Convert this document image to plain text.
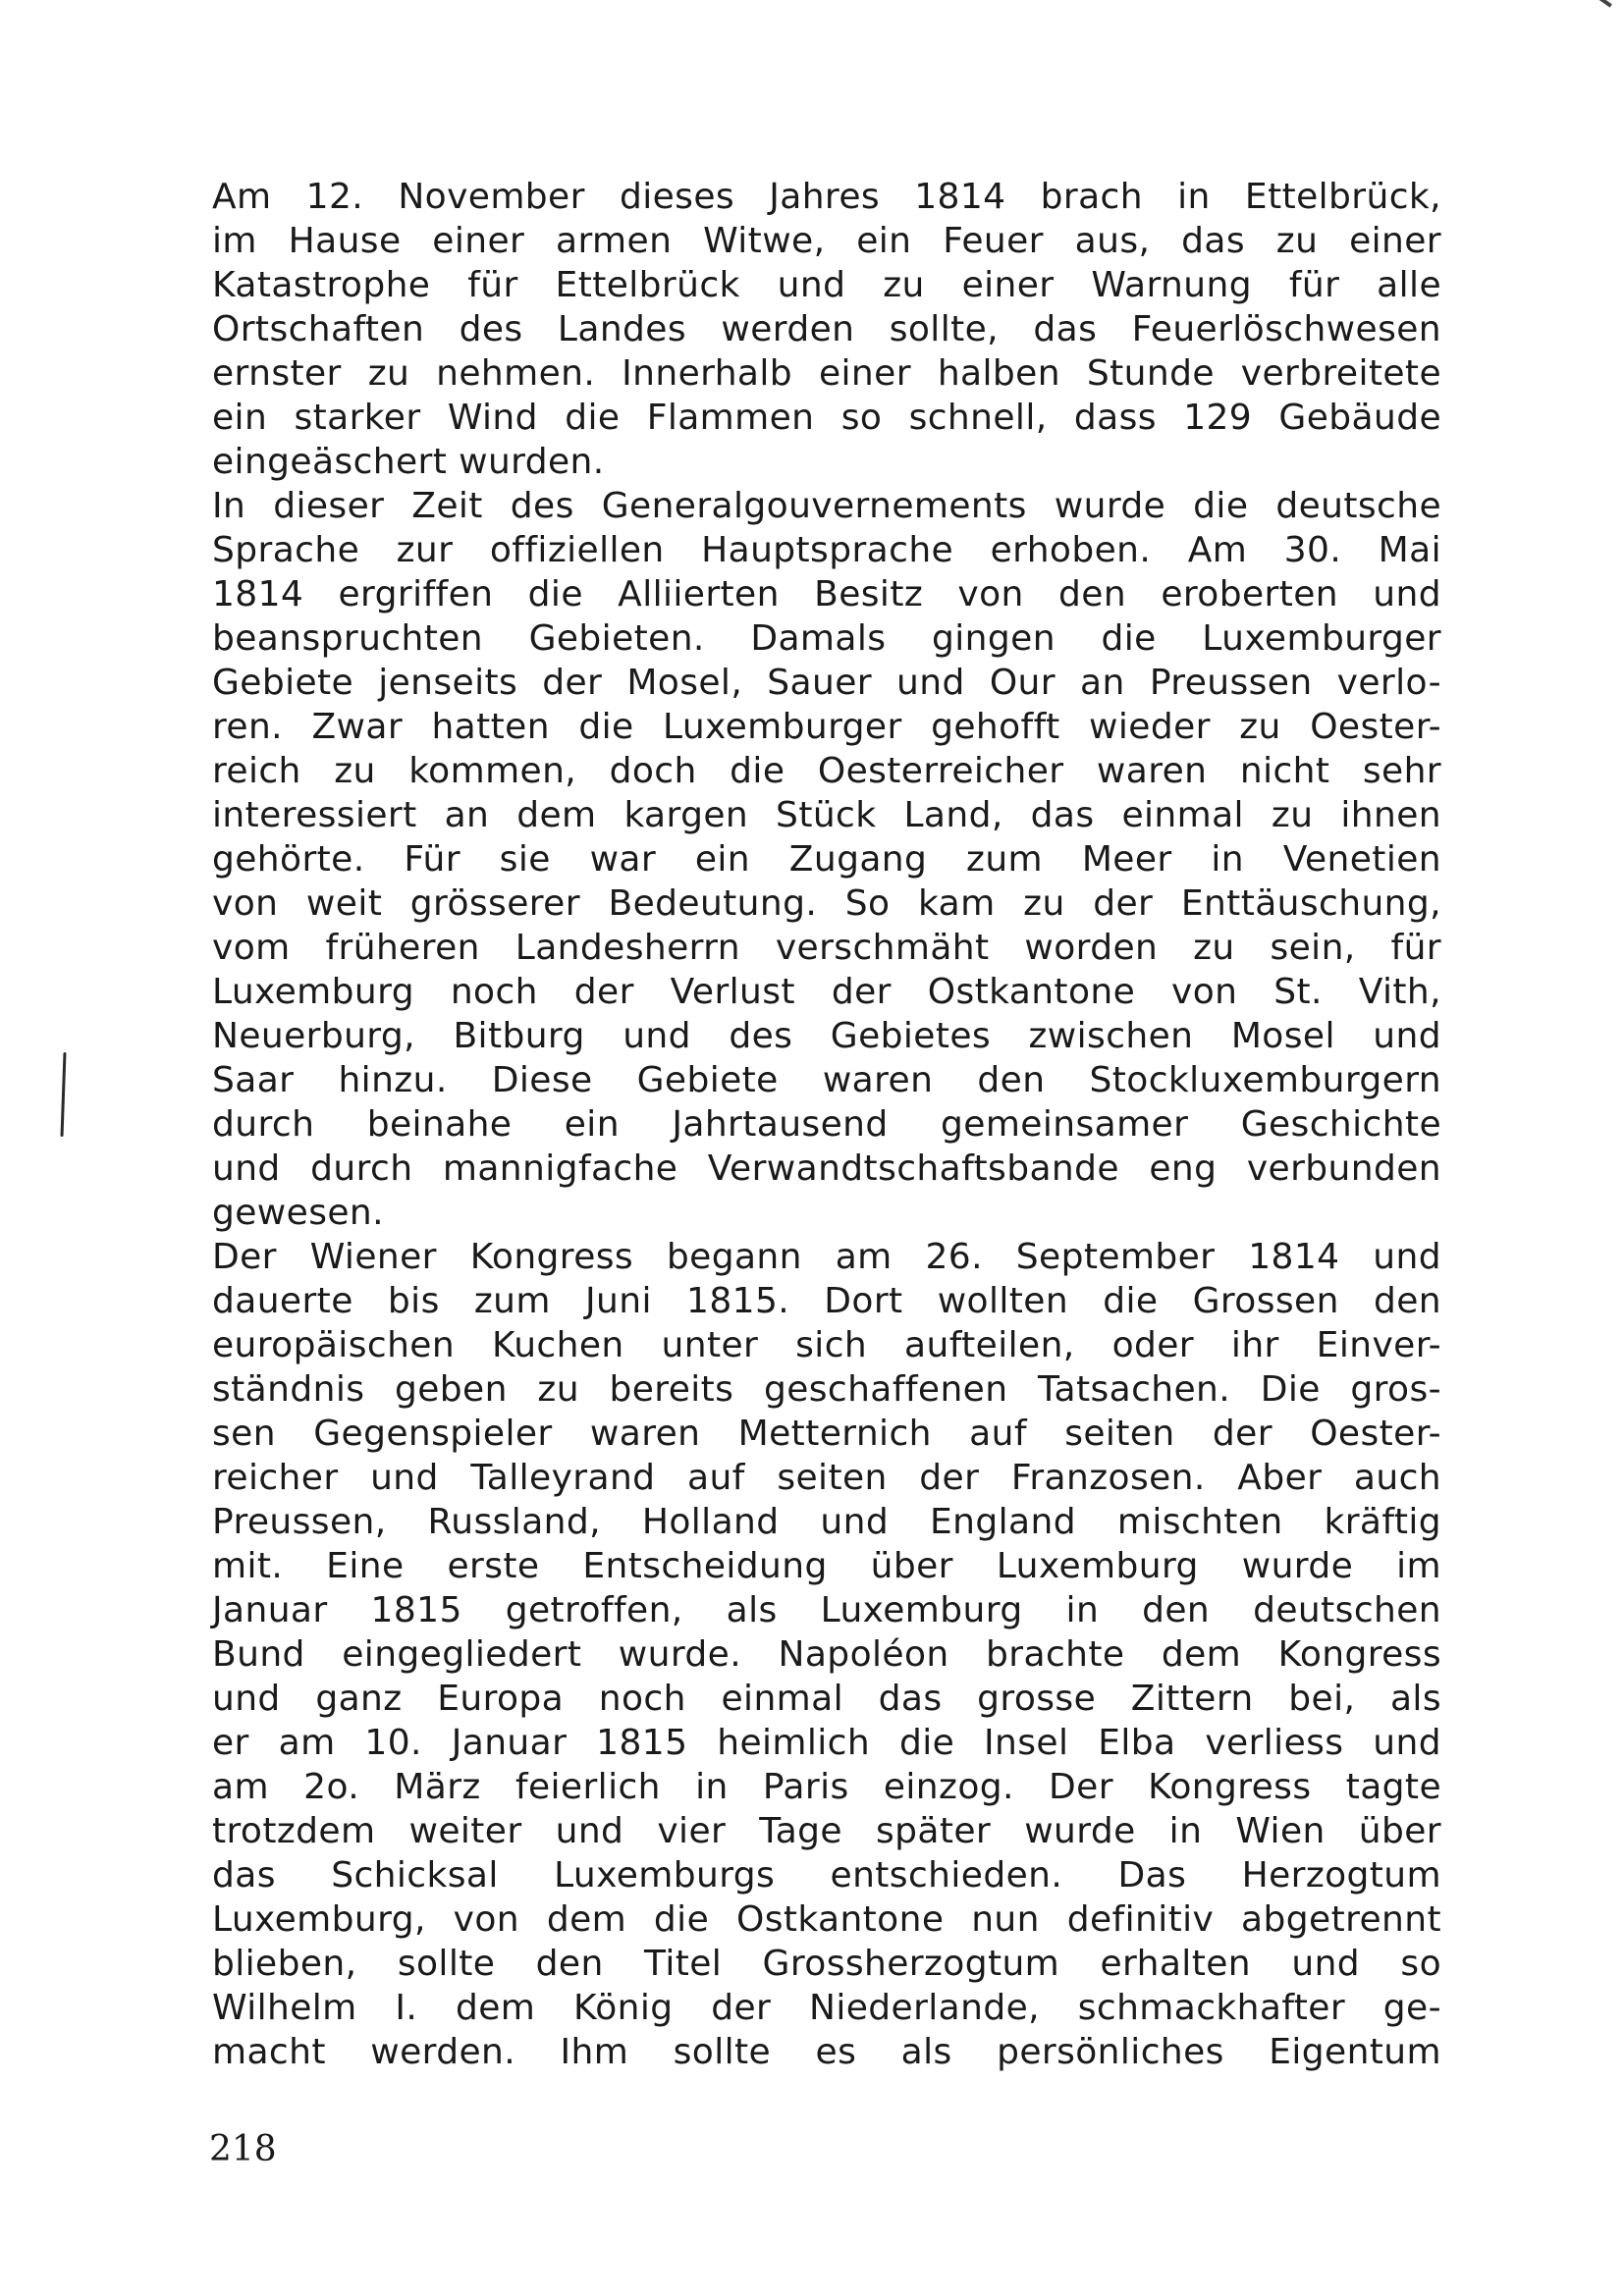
Am 12. November dieses Jahres 1814 brach in Ettelbrück,
im Hause einer armen Witwe, ein Feuer aus, das zu einer
Katastrophe für Ettelbrück und zu einer Warnung für alle
Ortschaften des Landes werden sollte, das Feuerlöschwesen
ernster zu nehmen. Innerhalb einer halben Stunde verbreitete
ein starker Wind die Flammen so schnell, dass 129 Gebäude
eingeäschert wurden.
In dieser Zeit des Generalgouvernements wurde die deutsche
Sprache zur offiziellen Hauptsprache erhoben. Am 30. Mai
1814 ergriffen die Alliierten Besitz von den eroberten und
beanspruchten Gebieten. Damals gingen die Luxemburger
Gebiete jenseits der Mosel, Sauer und Our an Preussen verlo-
ren. Zwar hatten die Luxemburger gehofft wieder zu Oester-
reich zu kommen, doch die Oesterreicher waren nicht sehr
interessiert an dem kargen Stück Land, das einmal zu ihnen
gehörte. Für sie war ein Zugang zum Meer in Venetien
von weit grösserer Bedeutung. So kam zu der Enttäuschung,
vom früheren Landesherrn verschmäht worden zu sein, für
Luxemburg noch der Verlust der Ostkantone von St. Vith,
Neuerburg, Bitburg und des Gebietes zwischen Mosel und
Saar hinzu. Diese Gebiete waren den Stockluxemburgern
durch beinahe ein Jahrtausend gemeinsamer Geschichte
und durch mannigfache Verwandtschaftsbande eng verbunden
gewesen.
Der Wiener Kongress begann am 26. September 1814 und
dauerte bis zum Juni 1815. Dort wollten die Grossen den
europäischen Kuchen unter sich aufteilen, oder ihr Einver-
ständnis geben zu bereits geschaffenen Tatsachen. Die gros-
sen Gegenspieler waren Metternich auf seiten der Oester-
reicher und Talleyrand auf seiten der Franzosen. Aber auch
Preussen, Russland, Holland und England mischten kräftig
mit. Eine erste Entscheidung über Luxemburg wurde im
Januar 1815 getroffen, als Luxemburg in den deutschen
Bund eingegliedert wurde. Napoléon brachte dem Kongress
und ganz Europa noch einmal das grosse Zittern bei, als
er am 10. Januar 1815 heimlich die Insel Elba verliess und
am 2o. März feierlich in Paris einzog. Der Kongress tagte
trotzdem weiter und vier Tage später wurde in Wien über
das Schicksal Luxemburgs entschieden. Das Herzogtum
Luxemburg, von dem die Ostkantone nun definitiv abgetrennt
blieben, sollte den Titel Grossherzogtum erhalten und so
Wilhelm I. dem König der Niederlande, schmackhafter ge-
macht werden. Ihm sollte es als persönliches Eigentum
218
